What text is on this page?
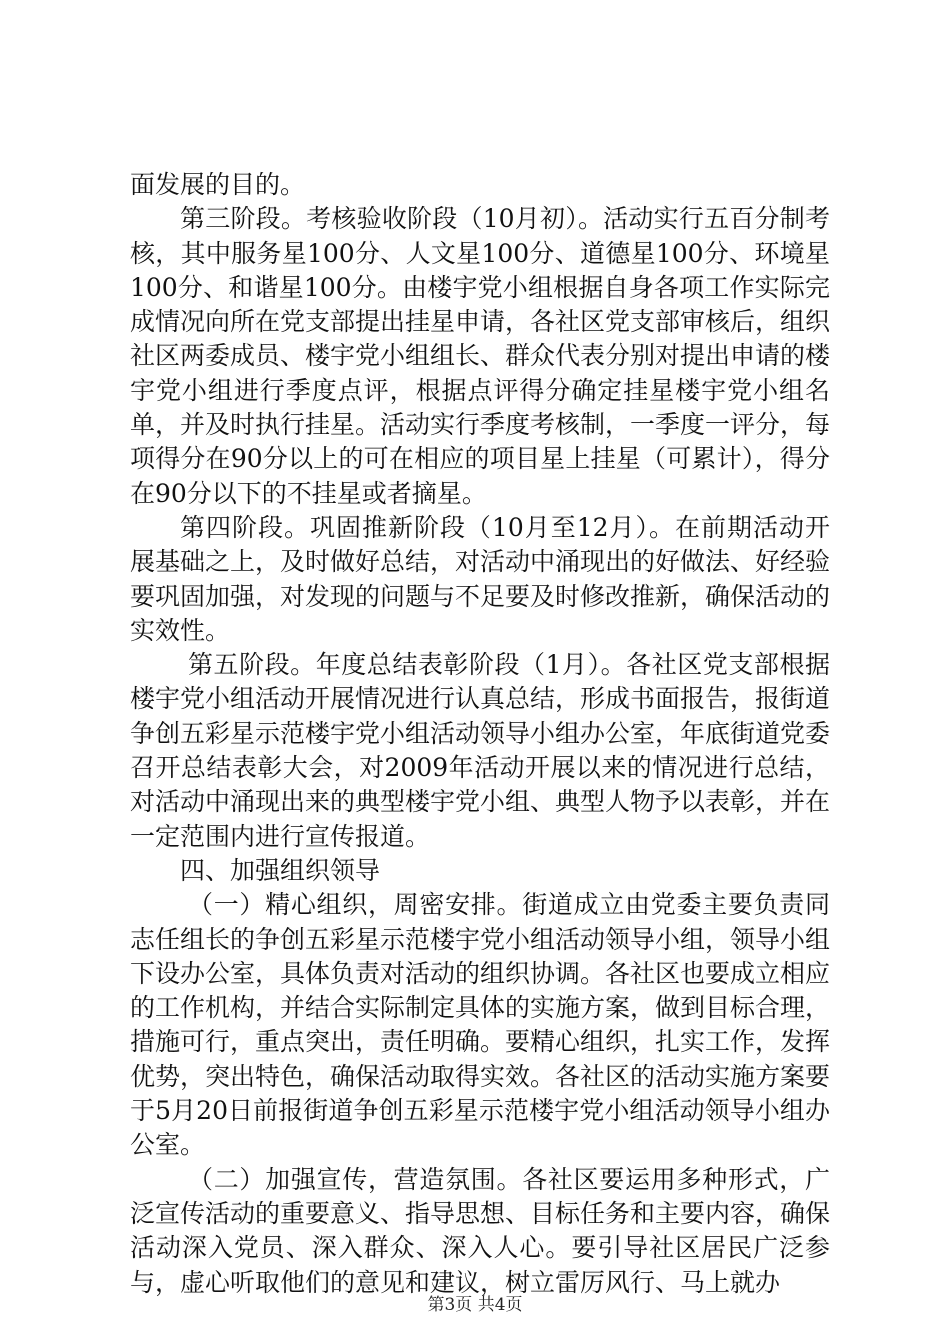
面发展的目的。

第三阶段。考核验收阶段（10月初）。活动实行五百分制考核，其中服务星100分、人文星100分、道德星100分、环境星100分、和谐星100分。由楼宇党小组根据自身各项工作实际完成情况向所在党支部提出挂星申请，各社区党支部审核后，组织社区两委成员、楼宇党小组组长、群众代表分别对提出申请的楼宇党小组进行季度点评，根据点评得分确定挂星楼宇党小组名单，并及时执行挂星。活动实行季度考核制，一季度一评分，每项得分在90分以上的可在相应的项目星上挂星（可累计），得分在90分以下的不挂星或者摘星。

第四阶段。巩固推新阶段（10月至12月）。在前期活动开展基础之上，及时做好总结，对活动中涌现出的好做法、好经验要巩固加强，对发现的问题与不足要及时修改推新，确保活动的实效性。

第五阶段。年度总结表彰阶段（1月）。各社区党支部根据楼宇党小组活动开展情况进行认真总结，形成书面报告，报街道争创五彩星示范楼宇党小组活动领导小组办公室，年底街道党委召开总结表彰大会，对2009年活动开展以来的情况进行总结，对活动中涌现出来的典型楼宇党小组、典型人物予以表彰，并在一定范围内进行宣传报道。

四、加强组织领导

（一）精心组织，周密安排。街道成立由党委主要负责同志任组长的争创五彩星示范楼宇党小组活动领导小组，领导小组下设办公室，具体负责对活动的组织协调。各社区也要成立相应的工作机构，并结合实际制定具体的实施方案，做到目标合理，措施可行，重点突出，责任明确。要精心组织，扎实工作，发挥优势，突出特色，确保活动取得实效。各社区的活动实施方案要于5月20日前报街道争创五彩星示范楼宇党小组活动领导小组办公室。

（二）加强宣传，营造氛围。各社区要运用多种形式，广泛宣传活动的重要意义、指导思想、目标任务和主要内容，确保活动深入党员、深入群众、深入人心。要引导社区居民广泛参与，虚心听取他们的意见和建议，树立雷厉风行、马上就办

第3页 共4页
